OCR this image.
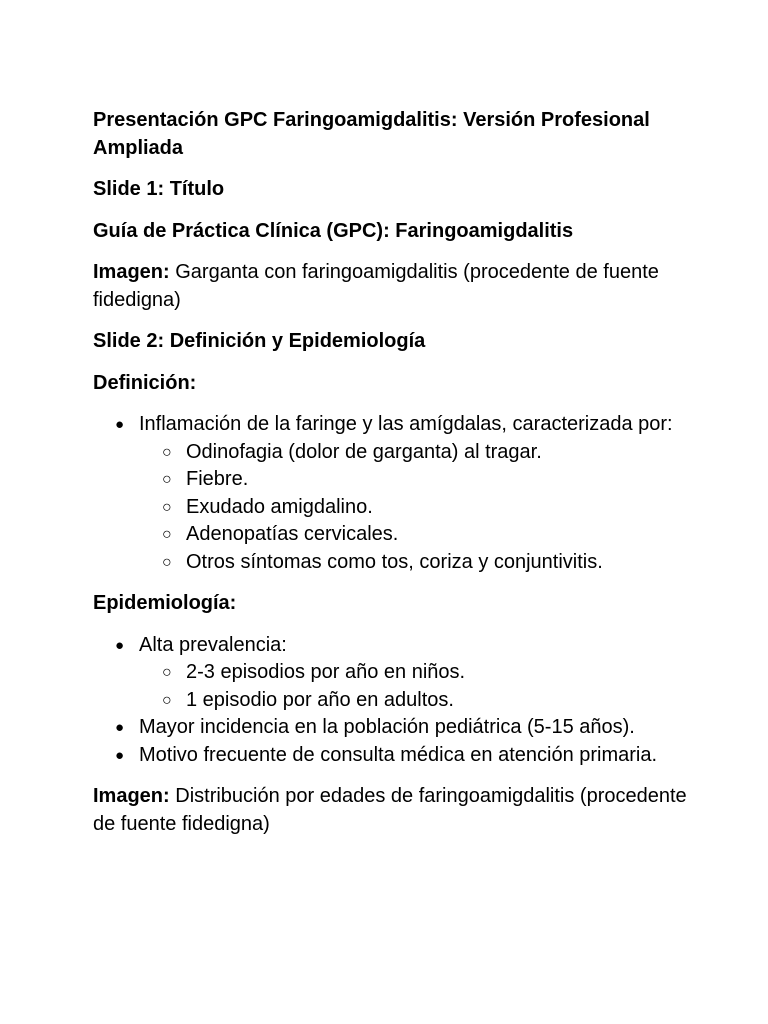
Presentación GPC Faringoamigdalitis: Versión Profesional Ampliada

Slide 1: Título

Guía de Práctica Clínica (GPC): Faringoamigdalitis

Imagen: Garganta con faringoamigdalitis (procedente de fuente fidedigna)

Slide 2: Definición y Epidemiología

Definición:

● Inflamación de la faringe y las amígdalas, caracterizada por:
○ Odinofagia (dolor de garganta) al tragar.
○ Fiebre.
○ Exudado amigdalino.
○ Adenopatías cervicales.
○ Otros síntomas como tos, coriza y conjuntivitis.

Epidemiología:

● Alta prevalencia:
○ 2-3 episodios por año en niños.
○ 1 episodio por año en adultos.
● Mayor incidencia en la población pediátrica (5-15 años).
● Motivo frecuente de consulta médica en atención primaria.

Imagen: Distribución por edades de faringoamigdalitis (procedente de fuente fidedigna)
